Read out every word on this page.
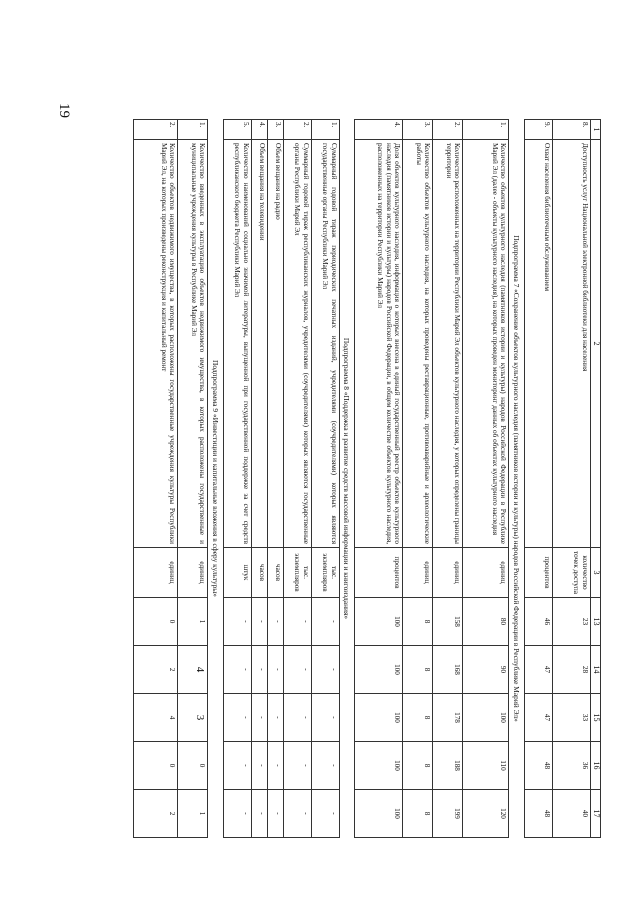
19
1	2	3	13	14	15	16	17
8.	Доступность услуг Национальной электронной библиотеки для населения	количество точек доступа	23	28	33	36	40
9.	Охват населения библиотечным обслуживанием	процентов	46	47	47	48	48
Подпрограмма 7 «Сохранение объектов культурного наследия (памятников истории и культуры) народов Российской Федерации в Республике Марий Эл»							
1.	Количество объектов культурного наследия (памятников истории и культуры) народов Российской Федерации в Республике Марий Эл (далее - объекты культурного наследия), на которых проведен мониторинг данных об объектах культурного наследия	единиц	80	90	100	110	120
2.	Количество расположенных на территории Республики Марий Эл объектов культурного наследия, у которых определены границы территории	единиц	158	168	178	188	199
3.	Количество объектов культурного наследия, на которых проведены реставрационные, противоаварийные и археологические работы	единиц	8	8	8	8	8
4.	Доля объектов культурного наследия, информация о которых внесена в единый государственный реестр объектов культурного наследия (памятников истории и культуры) народов Российской Федерации, в общем количестве объектов культурного наследия, расположенных на территории Республики Марий Эл	процентов	100	100	100	100	100
Подпрограмма 8 «Поддержка и развитие средств массовой информации и книгоиздания»							
1.	Суммарный годовой тираж периодических печатных изданий, учредителями (соучредителями) которых являются государственные органы Республики Марий Эл	тыс. экземпляров	-	-	-	-	-
2.	Суммарный годовой тираж республиканских журналов, учредителями (соучредителями) которых являются государственные органы Республики Марий Эл	тыс. экземпляров	-	-	-	-	-
3.	Объем вещания на радио	часов	-	-	-	-	-
4.	Объем вещания на телевидении	часов	-	-	-	-	-
5.	Количество наименований социально значимой литературы, выпущенной при государственной поддержке за счет средств республиканского бюджета Республики Марий Эл	штук	-	-	-	-	-
Подпрограмма 9 «Инвестиции и капитальные вложения в сферу культуры»							
1.	Количество введенных в эксплуатацию объектов недвижимого имущества, в которых расположены государственные и муниципальные учреждения культуры в Республике Марий Эл	единиц	1	4	3	0	1
2.	Количество объектов недвижимого имущества, в которых расположены государственные учреждения культуры Республики Марий Эл, на которых произведены реконструкция и капитальный ремонт	единиц	0	2	4	0	2
